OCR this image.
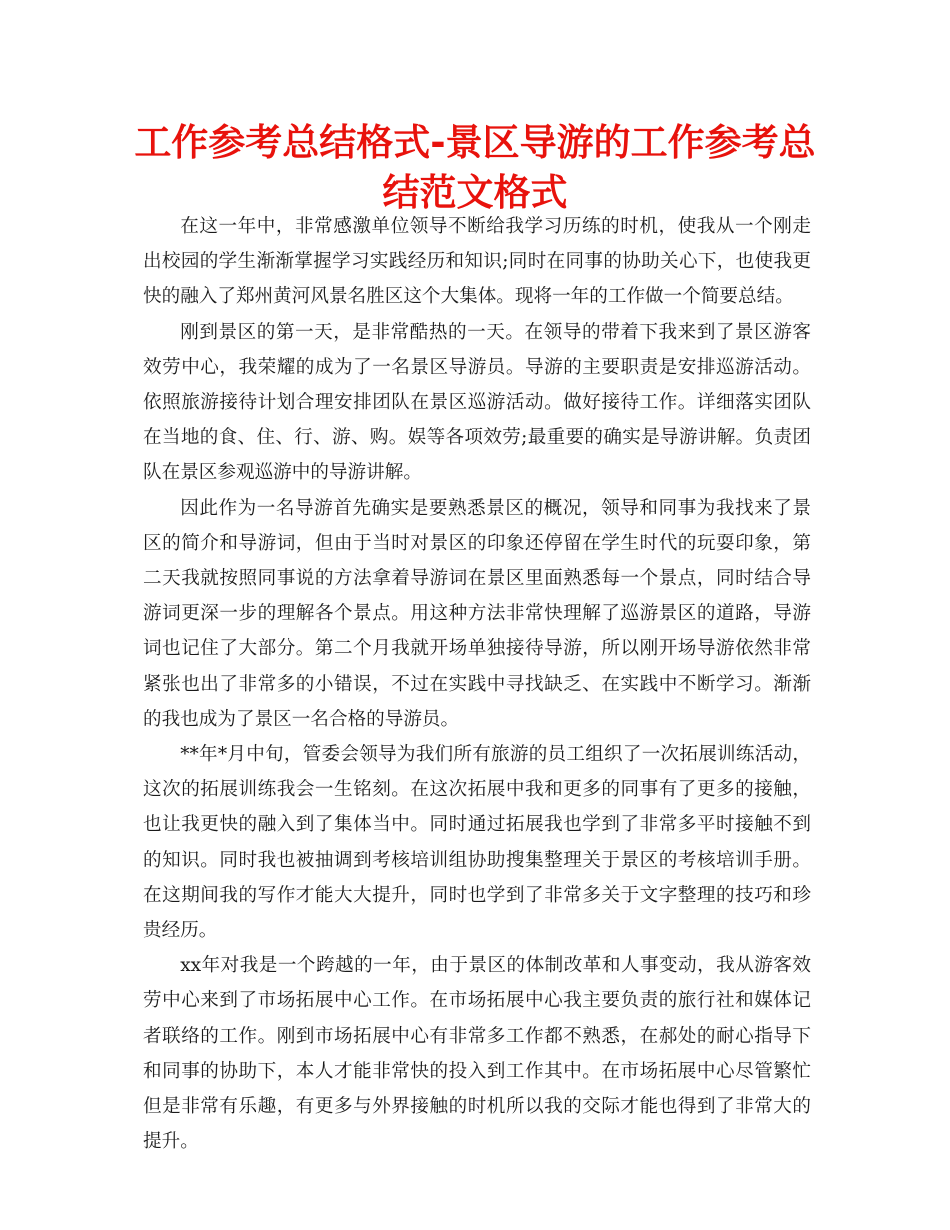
工作参考总结格式-景区导游的工作参考总结范文格式

在这一年中，非常感激单位领导不断给我学习历练的时机，使我从一个刚走出校园的学生渐渐掌握学习实践经历和知识;同时在同事的协助关心下，也使我更快的融入了郑州黄河风景名胜区这个大集体。现将一年的工作做一个简要总结。

刚到景区的第一天，是非常酷热的一天。在领导的带着下我来到了景区游客效劳中心，我荣耀的成为了一名景区导游员。导游的主要职责是安排巡游活动。依照旅游接待计划合理安排团队在景区巡游活动。做好接待工作。详细落实团队在当地的食、住、行、游、购。娱等各项效劳;最重要的确实是导游讲解。负责团队在景区参观巡游中的导游讲解。

因此作为一名导游首先确实是要熟悉景区的概况，领导和同事为我找来了景区的简介和导游词，但由于当时对景区的印象还停留在学生时代的玩耍印象，第二天我就按照同事说的方法拿着导游词在景区里面熟悉每一个景点，同时结合导游词更深一步的理解各个景点。用这种方法非常快理解了巡游景区的道路，导游词也记住了大部分。第二个月我就开场单独接待导游，所以刚开场导游依然非常紧张也出了非常多的小错误，不过在实践中寻找缺乏、在实践中不断学习。渐渐的我也成为了景区一名合格的导游员。

**年*月中旬，管委会领导为我们所有旅游的员工组织了一次拓展训练活动，这次的拓展训练我会一生铭刻。在这次拓展中我和更多的同事有了更多的接触，也让我更快的融入到了集体当中。同时通过拓展我也学到了非常多平时接触不到的知识。同时我也被抽调到考核培训组协助搜集整理关于景区的考核培训手册。在这期间我的写作才能大大提升，同时也学到了非常多关于文字整理的技巧和珍贵经历。

xx年对我是一个跨越的一年，由于景区的体制改革和人事变动，我从游客效劳中心来到了市场拓展中心工作。在市场拓展中心我主要负责的旅行社和媒体记者联络的工作。刚到市场拓展中心有非常多工作都不熟悉，在郝处的耐心指导下和同事的协助下，本人才能非常快的投入到工作其中。在市场拓展中心尽管繁忙但是非常有乐趣，有更多与外界接触的时机所以我的交际才能也得到了非常大的提升。
